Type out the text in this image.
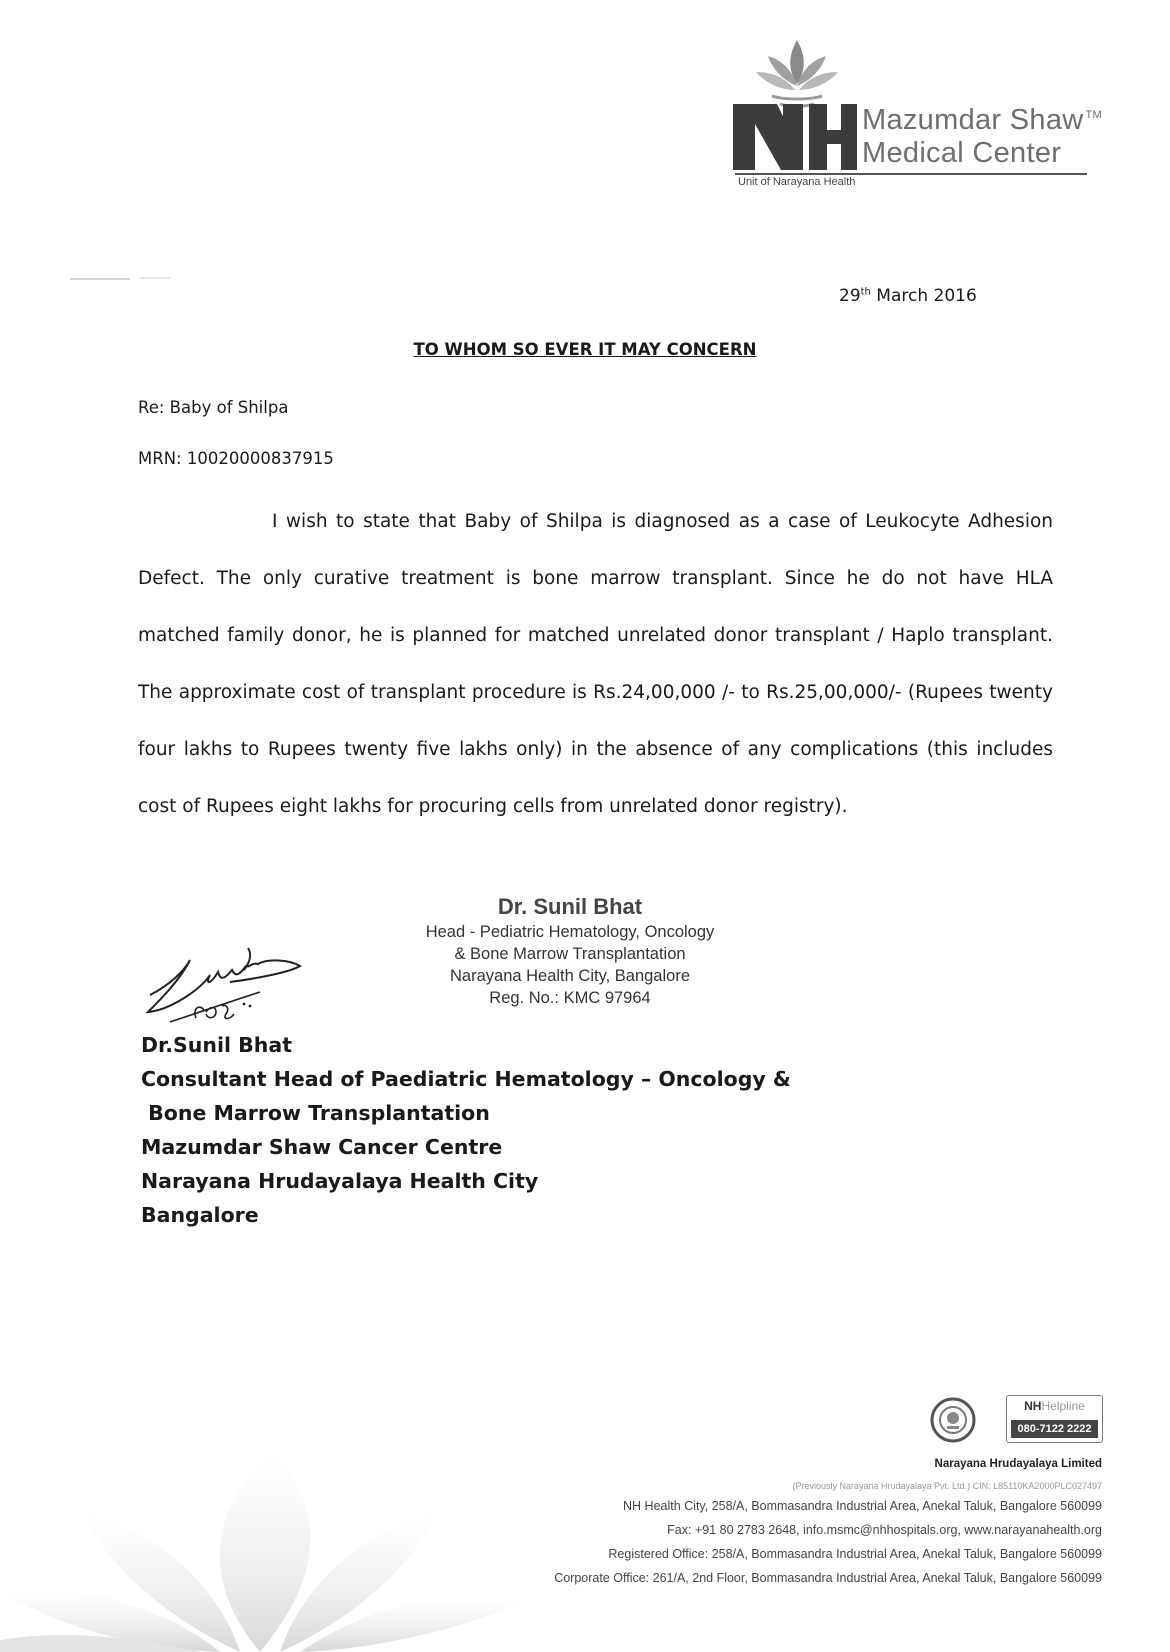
Mazumdar Shaw ™
Medical Center
Unit of Narayana Health
29th March 2016
TO WHOM SO EVER IT MAY CONCERN
Re: Baby of Shilpa
MRN: 10020000837915
I wish to state that Baby of Shilpa is diagnosed as a case of Leukocyte Adhesion Defect. The only curative treatment is bone marrow transplant. Since he do not have HLA matched family donor, he is planned for matched unrelated donor transplant / Haplo transplant. The approximate cost of transplant procedure is Rs.24,00,000 /- to Rs.25,00,000/- (Rupees twenty four lakhs to Rupees twenty five lakhs only) in the absence of any complications (this includes cost of Rupees eight lakhs for procuring cells from unrelated donor registry).
Dr. Sunil Bhat
Head - Pediatric Hematology, Oncology
& Bone Marrow Transplantation
Narayana Health City, Bangalore
Reg. No.: KMC 97964
Dr.Sunil Bhat
Consultant Head of Paediatric Hematology – Oncology &
Bone Marrow Transplantation
Mazumdar Shaw Cancer Centre
Narayana Hrudayalaya Health City
Bangalore
NHHelpline
080-7122 2222
Narayana Hrudayalaya Limited
(Previously Narayana Hrudayalaya Pvt. Ltd.) CIN: L85110KA2000PLC027497
NH Health City, 258/A, Bommasandra Industrial Area, Anekal Taluk, Bangalore 560099
Fax: +91 80 2783 2648, info.msmc@nhhospitals.org, www.narayanahealth.org
Registered Office: 258/A, Bommasandra Industrial Area, Anekal Taluk, Bangalore 560099
Corporate Office: 261/A, 2nd Floor, Bommasandra Industrial Area, Anekal Taluk, Bangalore 560099
